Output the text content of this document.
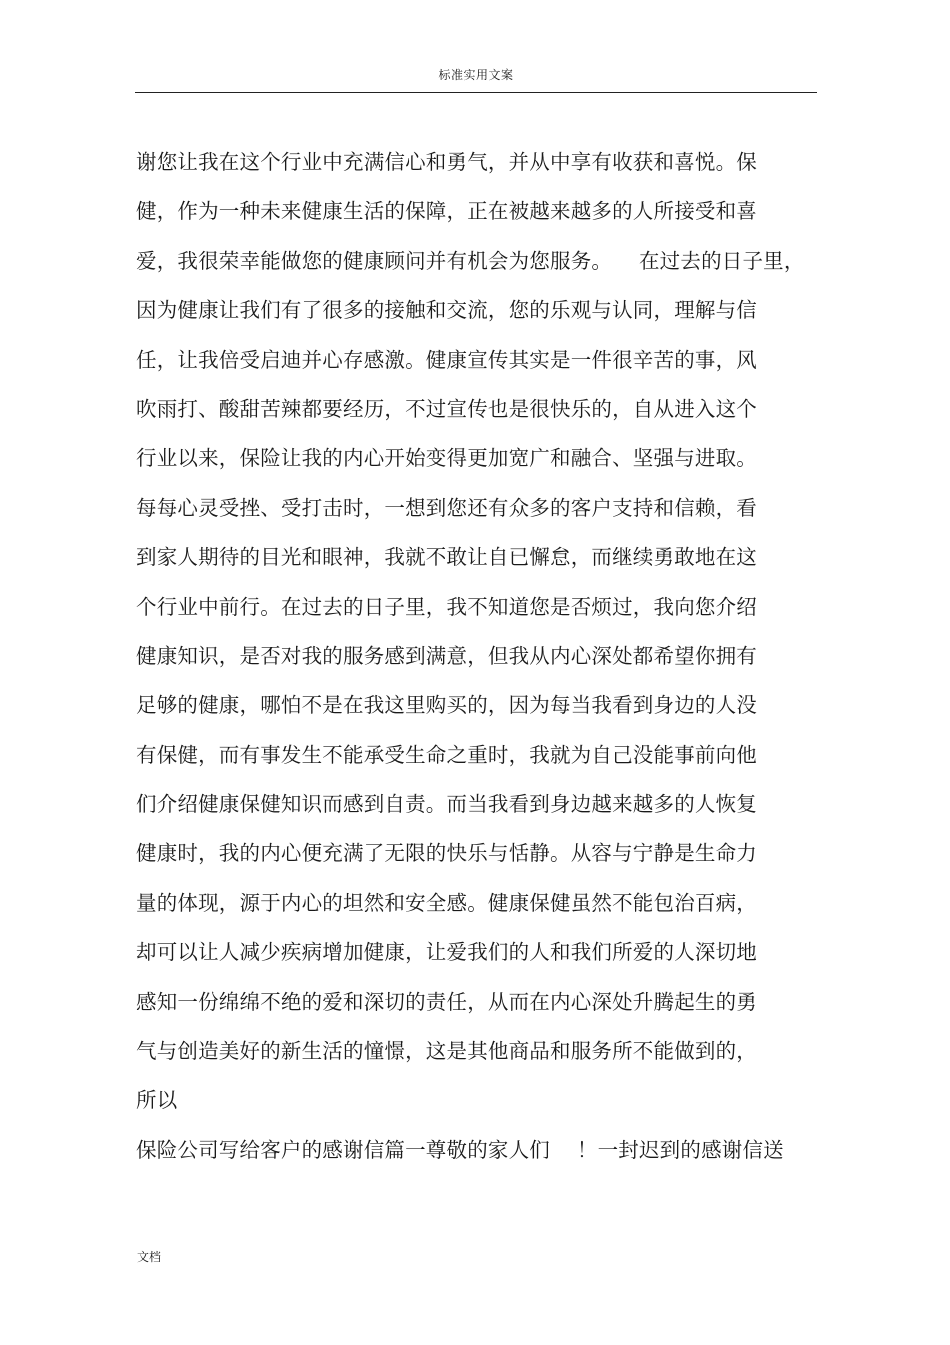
标准实用文案
谢您让我在这个行业中充满信心和勇气，并从中享有收获和喜悦。保
健，作为一种未来健康生活的保障，正在被越来越多的人所接受和喜
爱，我很荣幸能做您的健康顾问并有机会为您服务。    在过去的日子里，
因为健康让我们有了很多的接触和交流，您的乐观与认同，理解与信
任，让我倍受启迪并心存感激。健康宣传其实是一件很辛苦的事，风
吹雨打、酸甜苦辣都要经历，不过宣传也是很快乐的，自从进入这个
行业以来，保险让我的内心开始变得更加宽广和融合、坚强与进取。
每每心灵受挫、受打击时，一想到您还有众多的客户支持和信赖，看
到家人期待的目光和眼神，我就不敢让自已懈怠，而继续勇敢地在这
个行业中前行。在过去的日子里，我不知道您是否烦过，我向您介绍
健康知识，是否对我的服务感到满意，但我从内心深处都希望你拥有
足够的健康，哪怕不是在我这里购买的，因为每当我看到身边的人没
有保健，而有事发生不能承受生命之重时，我就为自己没能事前向他
们介绍健康保健知识而感到自责。而当我看到身边越来越多的人恢复
健康时，我的内心便充满了无限的快乐与恬静。从容与宁静是生命力
量的体现，源于内心的坦然和安全感。健康保健虽然不能包治百病，
却可以让人减少疾病增加健康，让爱我们的人和我们所爱的人深切地
感知一份绵绵不绝的爱和深切的责任，从而在内心深处升腾起生的勇
气与创造美好的新生活的憧憬，这是其他商品和服务所不能做到的，
所以
保险公司写给客户的感谢信篇一尊敬的家人们    ！一封迟到的感谢信送
文档
